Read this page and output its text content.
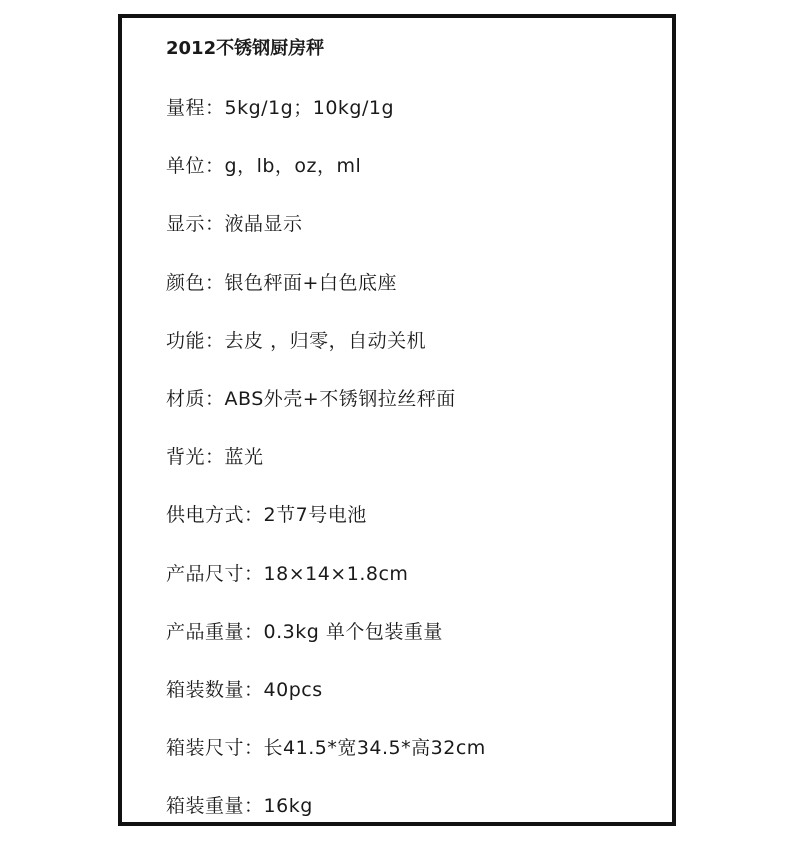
2012不锈钢厨房秤
量程：5kg/1g；10kg/1g
单位：g，lb，oz，ml
显示：液晶显示
颜色：银色秤面+白色底座
功能：去皮 ，归零，自动关机
材质：ABS外壳+不锈钢拉丝秤面
背光：蓝光
供电方式：2节7号电池
产品尺寸：18×14×1.8cm
产品重量：0.3kg 单个包装重量
箱装数量：40pcs
箱装尺寸：长41.5*宽34.5*高32cm
箱装重量：16kg
